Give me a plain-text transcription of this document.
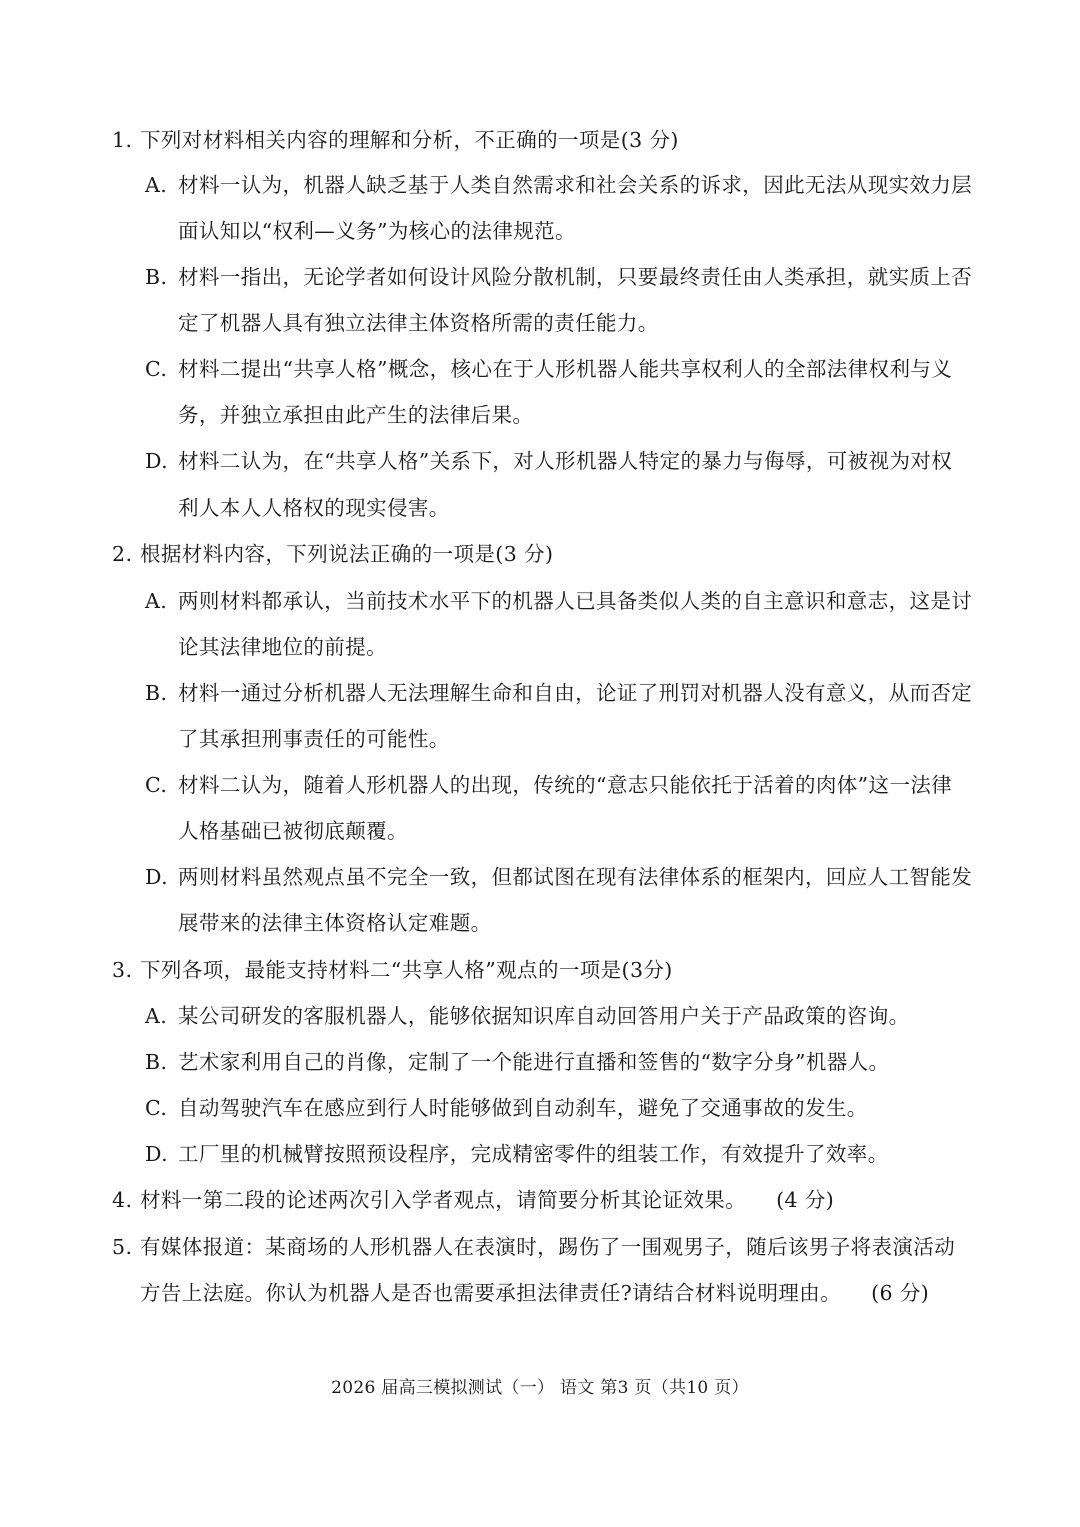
1. 下列对材料相关内容的理解和分析，不正确的一项是(3 分)
A. 材料一认为，机器人缺乏基于人类自然需求和社会关系的诉求，因此无法从现实效力层
面认知以“权利—义务”为核心的法律规范。
B. 材料一指出，无论学者如何设计风险分散机制，只要最终责任由人类承担，就实质上否
定了机器人具有独立法律主体资格所需的责任能力。
C. 材料二提出“共享人格”概念，核心在于人形机器人能共享权利人的全部法律权利与义
务，并独立承担由此产生的法律后果。
D. 材料二认为，在“共享人格”关系下，对人形机器人特定的暴力与侮辱，可被视为对权
利人本人人格权的现实侵害。
2. 根据材料内容，下列说法正确的一项是(3 分)
A. 两则材料都承认，当前技术水平下的机器人已具备类似人类的自主意识和意志，这是讨
论其法律地位的前提。
B. 材料一通过分析机器人无法理解生命和自由，论证了刑罚对机器人没有意义，从而否定
了其承担刑事责任的可能性。
C. 材料二认为，随着人形机器人的出现，传统的“意志只能依托于活着的肉体”这一法律
人格基础已被彻底颠覆。
D. 两则材料虽然观点虽不完全一致，但都试图在现有法律体系的框架内，回应人工智能发
展带来的法律主体资格认定难题。
3. 下列各项，最能支持材料二“共享人格”观点的一项是(3分)
A. 某公司研发的客服机器人，能够依据知识库自动回答用户关于产品政策的咨询。
B. 艺术家利用自己的肖像，定制了一个能进行直播和签售的“数字分身”机器人。
C. 自动驾驶汽车在感应到行人时能够做到自动刹车，避免了交通事故的发生。
D. 工厂里的机械臂按照预设程序，完成精密零件的组装工作，有效提升了效率。
4. 材料一第二段的论述两次引入学者观点，请简要分析其论证效果。 (4 分)
5. 有媒体报道：某商场的人形机器人在表演时，踢伤了一围观男子，随后该男子将表演活动
方告上法庭。你认为机器人是否也需要承担法律责任?请结合材料说明理由。 (6 分)
2026 届高三模拟测试（一） 语文 第3 页（共10 页）
